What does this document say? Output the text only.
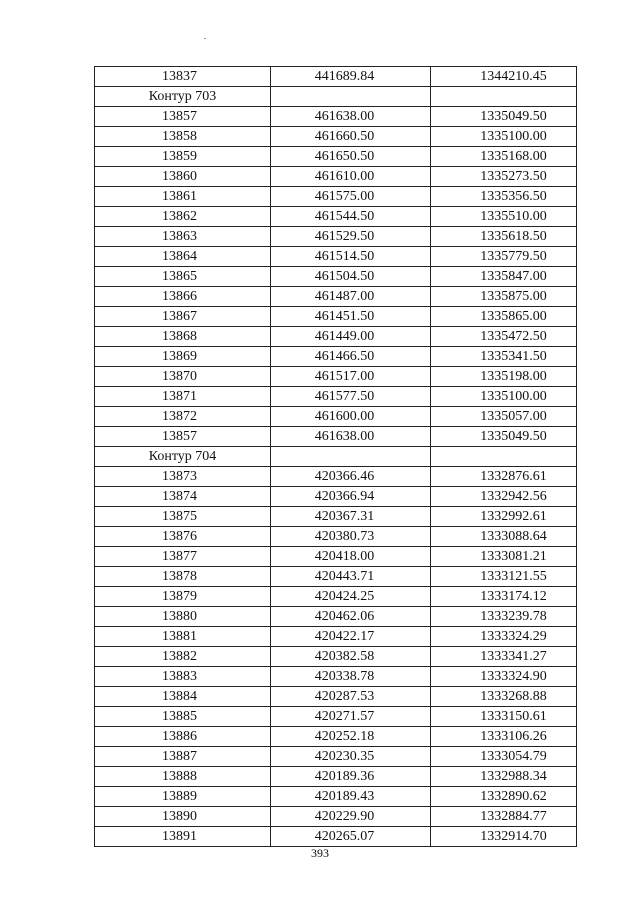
13837	441689.84	1344210.45
Контур 703		
13857	461638.00	1335049.50
13858	461660.50	1335100.00
13859	461650.50	1335168.00
13860	461610.00	1335273.50
13861	461575.00	1335356.50
13862	461544.50	1335510.00
13863	461529.50	1335618.50
13864	461514.50	1335779.50
13865	461504.50	1335847.00
13866	461487.00	1335875.00
13867	461451.50	1335865.00
13868	461449.00	1335472.50
13869	461466.50	1335341.50
13870	461517.00	1335198.00
13871	461577.50	1335100.00
13872	461600.00	1335057.00
13857	461638.00	1335049.50
Контур 704		
13873	420366.46	1332876.61
13874	420366.94	1332942.56
13875	420367.31	1332992.61
13876	420380.73	1333088.64
13877	420418.00	1333081.21
13878	420443.71	1333121.55
13879	420424.25	1333174.12
13880	420462.06	1333239.78
13881	420422.17	1333324.29
13882	420382.58	1333341.27
13883	420338.78	1333324.90
13884	420287.53	1333268.88
13885	420271.57	1333150.61
13886	420252.18	1333106.26
13887	420230.35	1333054.79
13888	420189.36	1332988.34
13889	420189.43	1332890.62
13890	420229.90	1332884.77
13891	420265.07	1332914.70
393
